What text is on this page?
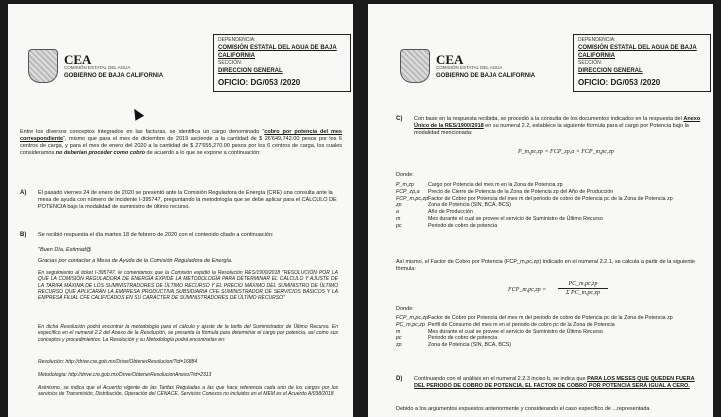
CEA
COMISIÓN ESTATAL DEL AGUA
GOBIERNO DE BAJA CALIFORNIA
DEPENDENCIA:
COMISIÓN ESTATAL DEL AGUA DE BAJA CALIFORNIA
SECCIÓN:
DIRECCION GENERAL
OFICIO: DG/053 /2020
Entre los diversos conceptos integrados en las facturas, se identifica un cargo denominado "cobro por potencia del mes correspondiente", mismo que para el mes de diciembre de 2019 asciende a la cantidad de $ 26'649,742.00 pesos por los 6 centros de carga, y para el mes de enero del 2020 a la cantidad de $ 27'655,270.00 pesos por los 6 centros de carga, los cuales consideramos no deberían proceder como cobro de acuerdo a lo que se expone a continuación:
A) El pasado viernes 24 de enero de 2020 se presentó ante la Comisión Reguladora de Energía (CRE) una consulta ante la mesa de ayuda con número de incidente I-395747, preguntando la metodología que se debe aplicar para el CÁLCULO DE POTENCIA bajo la modalidad de suministro de último recurso.
B) Se recibió respuesta el día martes 18 de febrero de 2020 con el contenido citado a continuación:
"Buen Día, Estimad@
Gracias por contactar a Mesa de Ayuda de la Comisión Reguladora de Energía.
En seguimiento al ticket I-395747, le comentamos que la Comisión expidió la Resolución RES/1900/2018 "RESOLUCIÓN POR LA QUE LA COMISIÓN REGULADORA DE ENERGÍA EXPIDE LA METODOLOGÍA PARA DETERMINAR EL CÁLCULO Y AJUSTE DE LA TARIFA MÁXIMA DE LOS SUMINISTRADORES DE ÚLTIMO RECURSO Y EL PRECIO MÁXIMO DEL SUMINISTRO DE ÚLTIMO RECURSO QUE APLICARÁN LA EMPRESA PRODUCTIVA SUBSIDIARIA CFE SUMINISTRADOR DE SERVICIOS BÁSICOS Y LA EMPRESA FILIAL CFE CALIFICADOS EN SU CARÁCTER DE SUMINISTRADORES DE ÚLTIMO RECURSO"
En dicha Resolución podrá encontrar la metodología para el cálculo y ajuste de la tarifa del Suministrador de Último Recurso. En específico en el numeral 2.2 del Anexo de la Resolución, se presenta la fórmula para determinar el cargo por potencia, así como sus conceptos y procedimientos. La Resolución y su Metodología podrá encontrarlas en:
Resolución: http://drive.cre.gob.mx/Drive/ObtenerResolucion/?id=16884
Metodología: http://drive.cre.gob.mx/Drive/ObtenerResolucionAnexo/?id=2313
Asimismo, se indica que el Acuerdo vigente de las Tarifas Reguladas a las que hace referencia cada uno de los cargos por los servicios de Transmisión, Distribución, Operación del CENACE, Servicios Conexos no incluidos en el MEM es el Acuerdo A/038/2018
CEA
COMISIÓN ESTATAL DEL AGUA
GOBIERNO DE BAJA CALIFORNIA
DEPENDENCIA:
COMISIÓN ESTATAL DEL AGUA DE BAJA CALIFORNIA
SECCIÓN:
DIRECCION GENERAL
OFICIO: DG/053 /2020
C) Con base en la respuesta recibida, se procedió a la consulta de los documentos indicados en la respuesta del Anexo Único de la RES/1900/2018 en su numeral 2.2, establece la siguiente fórmula para el cargo por Potencia bajo la modalidad mencionada:
P_m,pc,zp = FCP_zp,a × FCP_m,pc,zp
Donde:
P_m,zp	Cargo por Potencia del mes m en la Zona de Potencia zp
FCP_zp,a	Precio de Cierre de Potencia de la Zona de Potencia zp del Año de Producción
FCP_m,pc,zp Factor de Cobro por Potencia del mes m del periodo de cobro de Potencia pc de la Zona de Potencia zp
zp	Zona de Potencia (SIN, BCA, BCS)
a	Año de Producción
m	Mes durante el cual se provee el servicio de Suministro de Último Recurso
pc	Periodo de cobro de potencia
Así mismo, el Factor de Cobro por Potencia (FCP_m,pc,zp) indicado en el numeral 2.2.1, se calcula a partir de la siguiente fórmula:
FCP_m,pc,zp =
PC_m,pc,zp
Σ PC_m,pc,zp
Donde:
FCP_m,pc,zp Factor de Cobro por Potencia del mes m del periodo de cobro de Potencia pc de la Zona de Potencia zp
PC_m,pc,zp Perfil de Consumo del mes m en el periodo de cobro pc de la Zona de Potencia
m	Mes durante el cual se provee el servicio de Suministro de Último Recurso
pc	Periodo de cobro de potencia
zp	Zona de Potencia (SIN, BCA, BCS)
D) Continuando con el análisis en el numeral 2.2.3 inciso b, se indica que PARA LOS MESES QUE QUEDEN FUERA DEL PERIODO DE COBRO DE POTENCIA, EL FACTOR DE COBRO POR POTENCIA SERÁ IGUAL A CERO.
Debido a los argumentos expuestos anteriormente y considerando el caso específico de ...representada
